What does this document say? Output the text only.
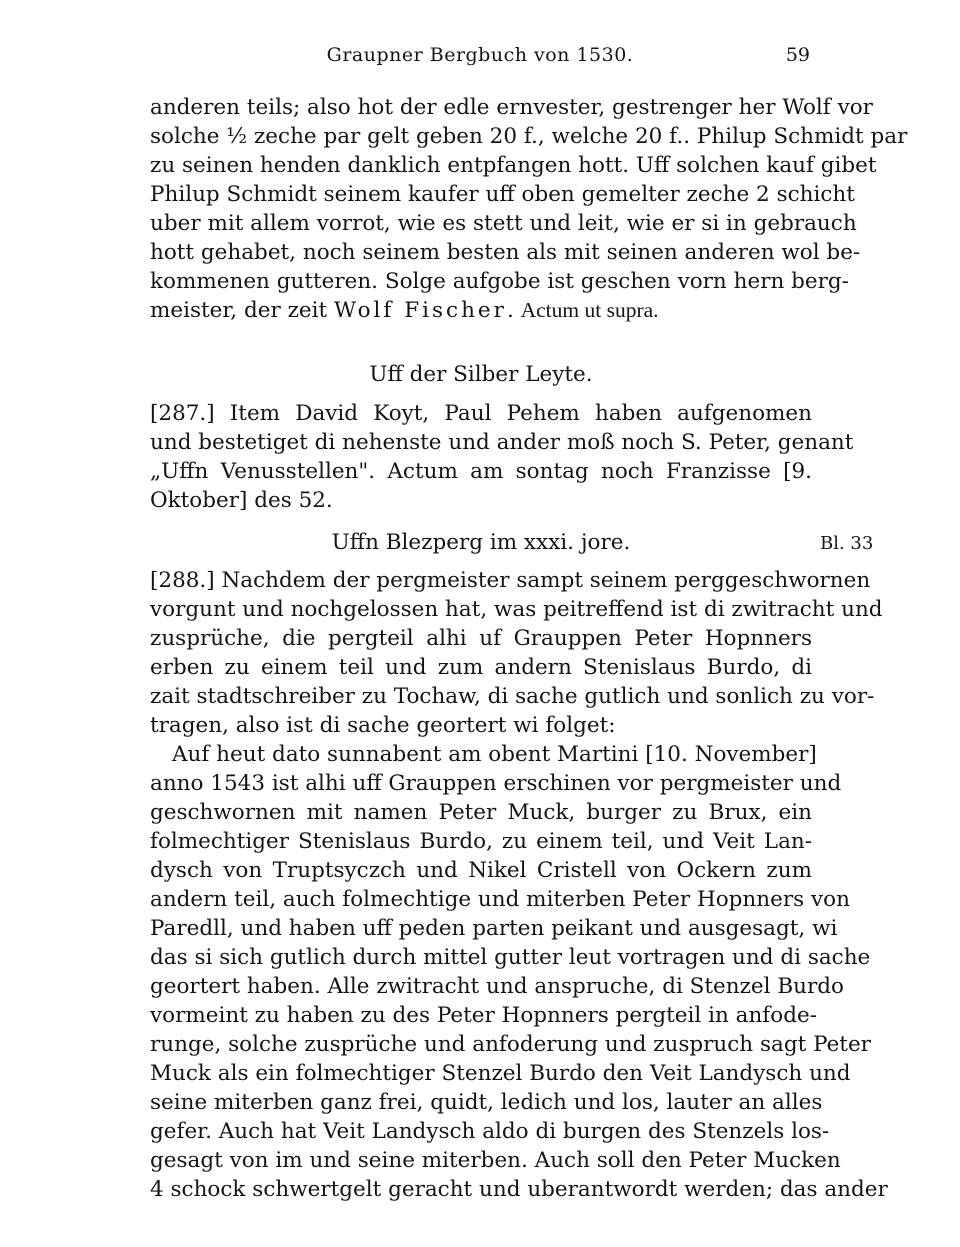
Graupner Bergbuch von 1530.	59
anderen teils; also hot der edle ernvester, gestrenger her Wolf vor
solche ½ zeche par gelt geben 20 f., welche 20 f.. Philup Schmidt par
zu seinen henden danklich entpfangen hott. Uff solchen kauf gibet
Philup Schmidt seinem kaufer uff oben gemelter zeche 2 schicht
uber mit allem vorrot, wie es stett und leit, wie er si in gebrauch
hott gehabet, noch seinem besten als mit seinen anderen wol be-
kommenen gutteren. Solge aufgobe ist geschen vorn hern berg-
meister, der zeit Wolf Fischer. Actum ut supra.
Uff der Silber Leyte.
[287.] Item David Koyt, Paul Pehem haben aufgenomen
und bestetiget di nehenste und ander moß noch S. Peter, genant
„Uffn Venusstellen". Actum am sontag noch Franzisse [9.
Oktober] des 52.
Uffn Blezperg im xxxi. jore.	Bl. 33
[288.] Nachdem der pergmeister sampt seinem perggeschwornen
vorgunt und nochgelossen hat, was peitreffend ist di zwitracht und
zusprüche, die pergteil alhi uf Grauppen Peter Hopnners
erben zu einem teil und zum andern Stenislaus Burdo, di
zait stadtschreiber zu Tochaw, di sache gutlich und sonlich zu vor-
tragen, also ist di sache geortert wi folget:
Auf heut dato sunnabent am obent Martini [10. November]
anno 1543 ist alhi uff Grauppen erschinen vor pergmeister und
geschwornen mit namen Peter Muck, burger zu Brux, ein
folmechtiger Stenislaus Burdo, zu einem teil, und Veit Lan-
dysch von Truptsyczch und Nikel Cristell von Ockern zum
andern teil, auch folmechtige und miterben Peter Hopnners von
Paredll, und haben uff peden parten peikant und ausgesagt, wi
das si sich gutlich durch mittel gutter leut vortragen und di sache
geortert haben. Alle zwitracht und anspruche, di Stenzel Burdo
vormeint zu haben zu des Peter Hopnners pergteil in anfode-
runge, solche zusprüche und anfoderung und zuspruch sagt Peter
Muck als ein folmechtiger Stenzel Burdo den Veit Landysch und
seine miterben ganz frei, quidt, ledich und los, lauter an alles
gefer. Auch hat Veit Landysch aldo di burgen des Stenzels los-
gesagt von im und seine miterben. Auch soll den Peter Mucken
4 schock schwertgelt geracht und uberantwordt werden; das ander
